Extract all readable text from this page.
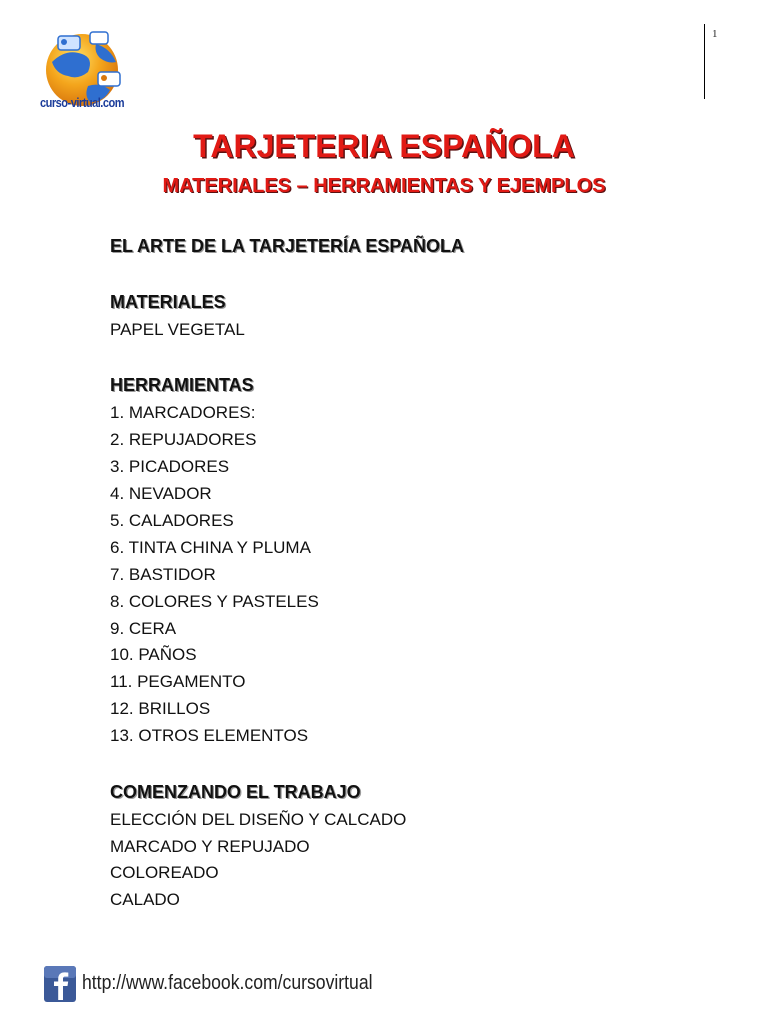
1
curso-virtual.com
TARJETERIA ESPAÑOLA
MATERIALES – HERRAMIENTAS Y EJEMPLOS
EL ARTE DE LA TARJETERÍA ESPAÑOLA
MATERIALES

PAPEL VEGETAL

HERRAMIENTAS

1. MARCADORES:

2. REPUJADORES

3. PICADORES

4. NEVADOR

5. CALADORES

6. TINTA CHINA Y PLUMA

7. BASTIDOR

8. COLORES Y PASTELES

9. CERA

10. PAÑOS

11. PEGAMENTO

12. BRILLOS

13. OTROS ELEMENTOS

COMENZANDO EL TRABAJO

ELECCIÓN DEL DISEÑO Y CALCADO

MARCADO Y REPUJADO

COLOREADO

CALADO

http://www.facebook.com/cursovirtual
